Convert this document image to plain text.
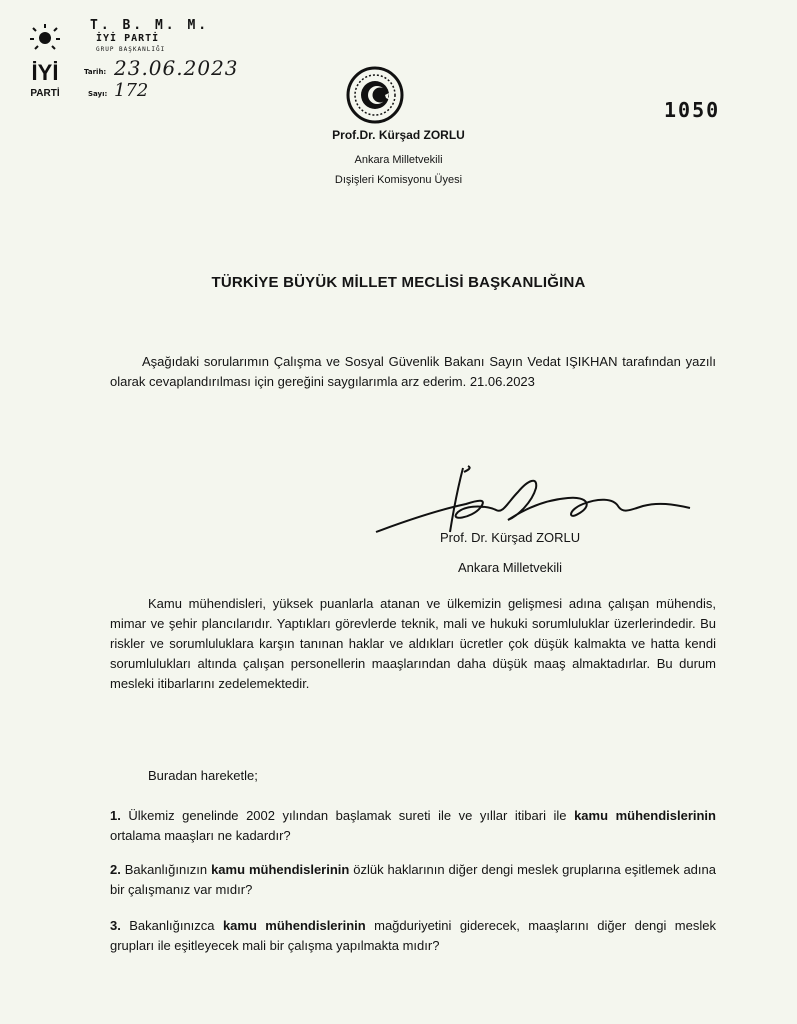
İYİ
PARTİ
T. B. M. M.
İYİ PARTİ
GRUP BAŞKANLIĞI
Tarih: 23.06.2023
Sayı: 172
1050
Prof.Dr. Kürşad ZORLU
Ankara Milletvekili
Dışişleri Komisyonu Üyesi
TÜRKİYE BÜYÜK MİLLET MECLİSİ BAŞKANLIĞINA
Aşağıdaki sorularımın Çalışma ve Sosyal Güvenlik Bakanı Sayın Vedat IŞIKHAN tarafından yazılı olarak cevaplandırılması için gereğini saygılarımla arz ederim. 21.06.2023
Prof. Dr. Kürşad ZORLU
Ankara Milletvekili
Kamu mühendisleri, yüksek puanlarla atanan ve ülkemizin gelişmesi adına çalışan mühendis, mimar ve şehir plancılarıdır. Yaptıkları görevlerde teknik, mali ve hukuki sorumluluklar üzerlerindedir. Bu riskler ve sorumluluklara karşın tanınan haklar ve aldıkları ücretler çok düşük kalmakta ve hatta kendi sorumlulukları altında çalışan personellerin maaşlarından daha düşük maaş almaktadırlar. Bu durum mesleki itibarlarını zedelemektedir.
Buradan hareketle;
1. Ülkemiz genelinde 2002 yılından başlamak sureti ile ve yıllar itibari ile kamu mühendislerinin ortalama maaşları ne kadardır?
2. Bakanlığınızın kamu mühendislerinin özlük haklarının diğer dengi meslek gruplarına eşitlemek adına bir çalışmanız var mıdır?
3. Bakanlığınızca kamu mühendislerinin mağduriyetini giderecek, maaşlarını diğer dengi meslek grupları ile eşitleyecek mali bir çalışma yapılmakta mıdır?
